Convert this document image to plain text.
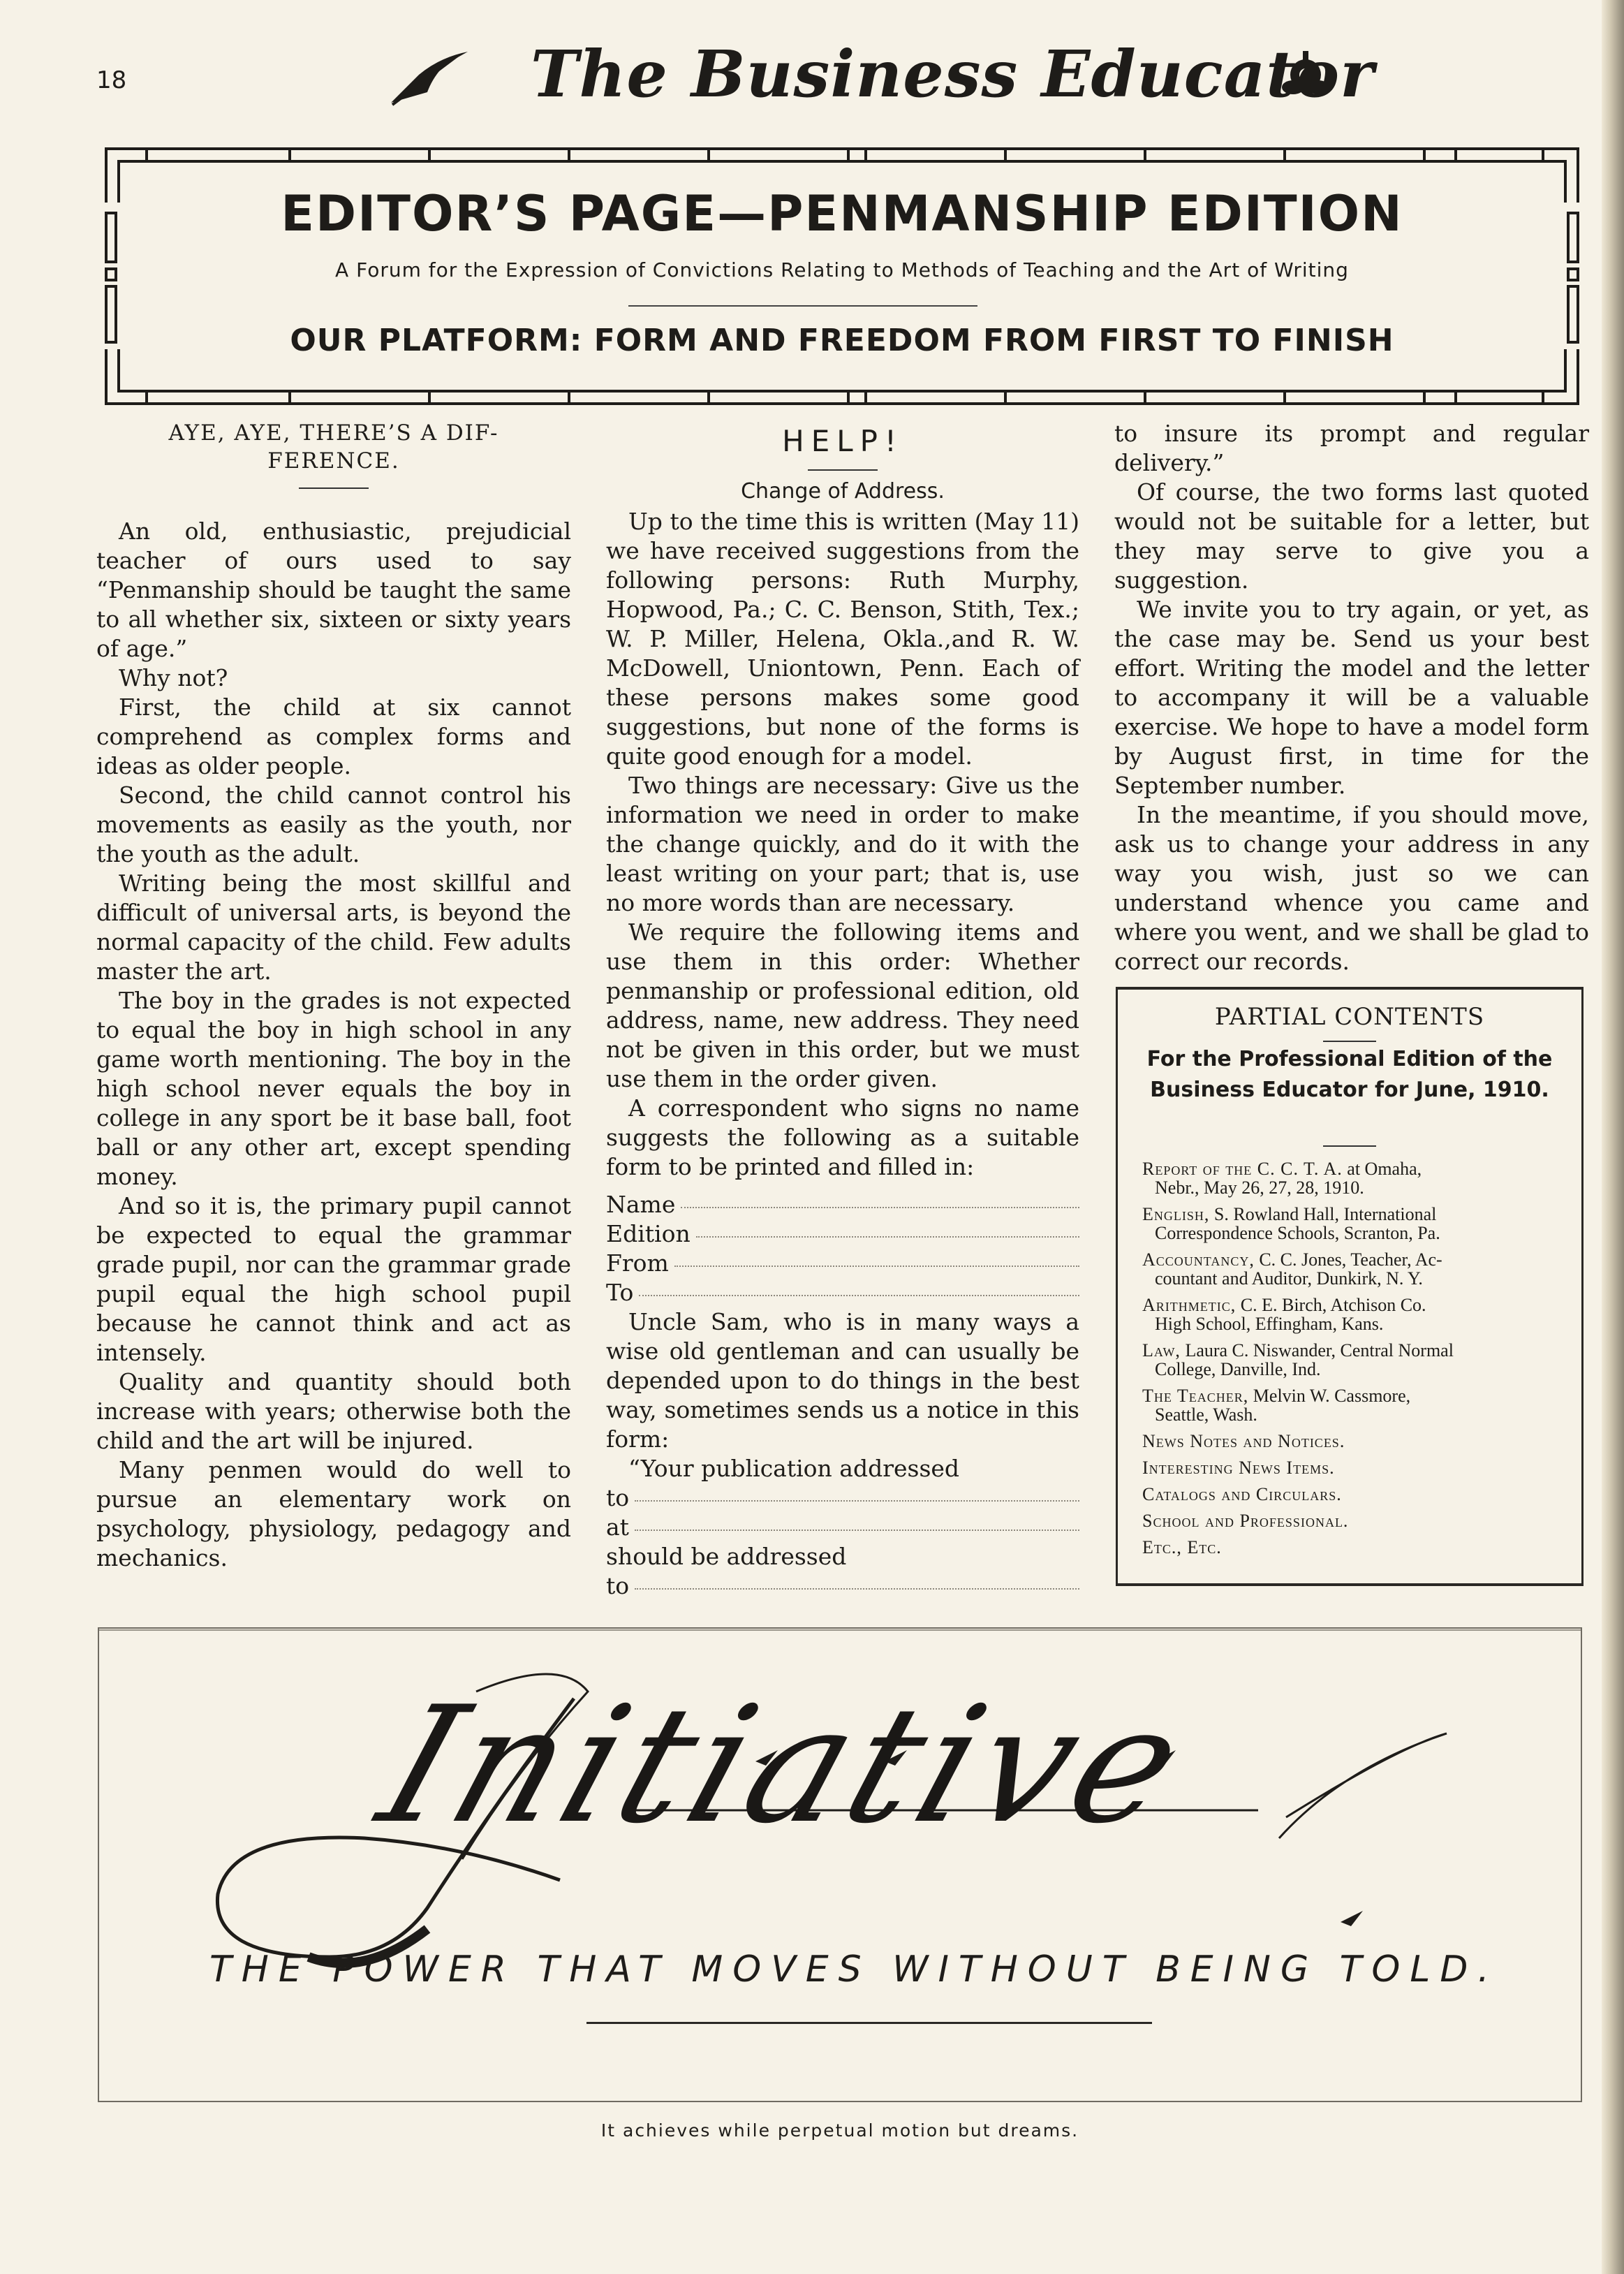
18	The Business Educator
EDITOR’S PAGE—PENMANSHIP EDITION
A Forum for the Expression of Convictions Relating to Methods of Teaching and the Art of Writing
OUR PLATFORM: FORM AND FREEDOM FROM FIRST TO FINISH
AYE, AYE, THERE’S A DIF-
FERENCE.

An old, enthusiastic, prejudicial teacher of ours used to say “Penmanship should be taught the same to all whether six, sixteen or sixty years of age.”

Why not?

First, the child at six cannot comprehend as complex forms and ideas as older people.

Second, the child cannot control his movements as easily as the youth, nor the youth as the adult.

Writing being the most skillful and difficult of universal arts, is beyond the normal capacity of the child. Few adults master the art.

The boy in the grades is not expected to equal the boy in high school in any game worth mentioning. The boy in the high school never equals the boy in college in any sport be it base ball, foot ball or any other art, except spending money.

And so it is, the primary pupil cannot be expected to equal the grammar grade pupil, nor can the grammar grade pupil equal the high school pupil because he cannot think and act as intensely.

Quality and quantity should both increase with years; otherwise both the child and the art will be injured.

Many penmen would do well to pursue an elementary work on psychology, physiology, pedagogy and mechanics.

HELP!
Change of Address.

Up to the time this is written (May 11) we have received suggestions from the following persons: Ruth Murphy, Hopwood, Pa.; C. C. Benson, Stith, Tex.; W. P. Miller, Helena, Okla.,and R. W. McDowell, Uniontown, Penn. Each of these persons makes some good suggestions, but none of the forms is quite good enough for a model.

Two things are necessary: Give us the information we need in order to make the change quickly, and do it with the least writing on your part; that is, use no more words than are necessary.

We require the following items and use them in this order: Whether penmanship or professional edition, old address, name, new address. They need not be given in this order, but we must use them in the order given.

A correspondent who signs no name suggests the following as a suitable form to be printed and filled in:

Name
Edition
From
To

Uncle Sam, who is in many ways a wise old gentleman and can usually be depended upon to do things in the best way, sometimes sends us a notice in this form:

“Your publication addressed

to
at

should be addressed

to

to insure its prompt and regular delivery.”

Of course, the two forms last quoted would not be suitable for a letter, but they may serve to give you a suggestion.

We invite you to try again, or yet, as the case may be. Send us your best effort. Writing the model and the letter to accompany it will be a valuable exercise. We hope to have a model form by August first, in time for the September number.

In the meantime, if you should move, ask us to change your address in any way you wish, just so we can understand whence you came and where you went, and we shall be glad to correct our records.

PARTIAL CONTENTS
For the Professional Edition of the Business Educator for June, 1910.
Report of the C. C. T. A. at Omaha,
Nebr., May 26, 27, 28, 1910.
English, S. Rowland Hall, International
Correspondence Schools, Scranton, Pa.
Accountancy, C. C. Jones, Teacher, Ac-
countant and Auditor, Dunkirk, N. Y.
Arithmetic, C. E. Birch, Atchison Co.
High School, Effingham, Kans.
Law, Laura C. Niswander, Central Normal
College, Danville, Ind.
The Teacher, Melvin W. Cassmore,
Seattle, Wash.
News Notes and Notices.
Interesting News Items.
Catalogs and Circulars.
School and Professional.
Etc., Etc.
Initiative
THE POWER THAT MOVES WITHOUT BEING TOLD.
It achieves while perpetual motion but dreams.
